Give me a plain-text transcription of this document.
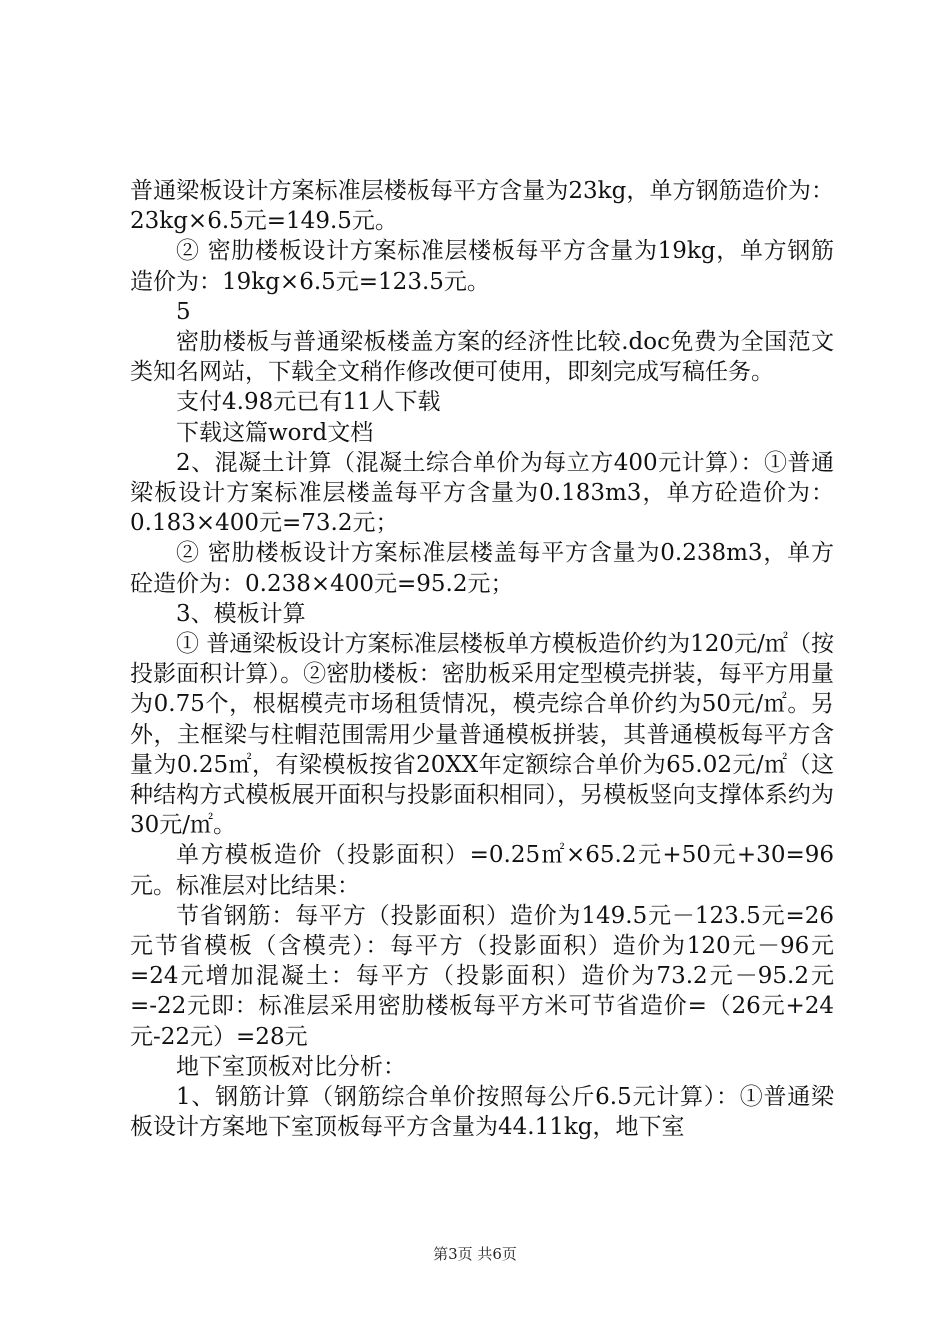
普通梁板设计方案标准层楼板每平方含量为23kg，单方钢筋造价为：23kg×6.5元=149.5元。

② 密肋楼板设计方案标准层楼板每平方含量为19kg，单方钢筋造价为：19kg×6.5元=123.5元。

5

密肋楼板与普通梁板楼盖方案的经济性比较.doc免费为全国范文类知名网站，下载全文稍作修改便可使用，即刻完成写稿任务。

支付4.98元已有11人下载

下载这篇word文档

2、混凝土计算（混凝土综合单价为每立方400元计算）：①普通梁板设计方案标准层楼盖每平方含量为0.183m3，单方砼造价为：0.183×400元=73.2元；

② 密肋楼板设计方案标准层楼盖每平方含量为0.238m3，单方砼造价为：0.238×400元=95.2元；

3、模板计算

① 普通梁板设计方案标准层楼板单方模板造价约为120元/㎡（按投影面积计算）。②密肋楼板：密肋板采用定型模壳拼装，每平方用量为0.75个，根椐模壳市场租赁情况，模壳综合单价约为50元/㎡。另外，主框梁与柱帽范围需用少量普通模板拼装，其普通模板每平方含量为0.25㎡，有梁模板按省20XX年定额综合单价为65.02元/㎡（这种结构方式模板展开面积与投影面积相同），另模板竖向支撑体系约为30元/㎡。

单方模板造价（投影面积）=0.25㎡×65.2元+50元+30=96元。标准层对比结果：

节省钢筋：每平方（投影面积）造价为149.5元－123.5元=26元节省模板（含模壳）：每平方（投影面积）造价为120元－96元=24元增加混凝土：每平方（投影面积）造价为73.2元－95.2元=-22元即：标准层采用密肋楼板每平方米可节省造价=（26元+24元-22元）=28元

地下室顶板对比分析：

1、钢筋计算（钢筋综合单价按照每公斤6.5元计算）：①普通梁板设计方案地下室顶板每平方含量为44.11kg，地下室

第3页 共6页
